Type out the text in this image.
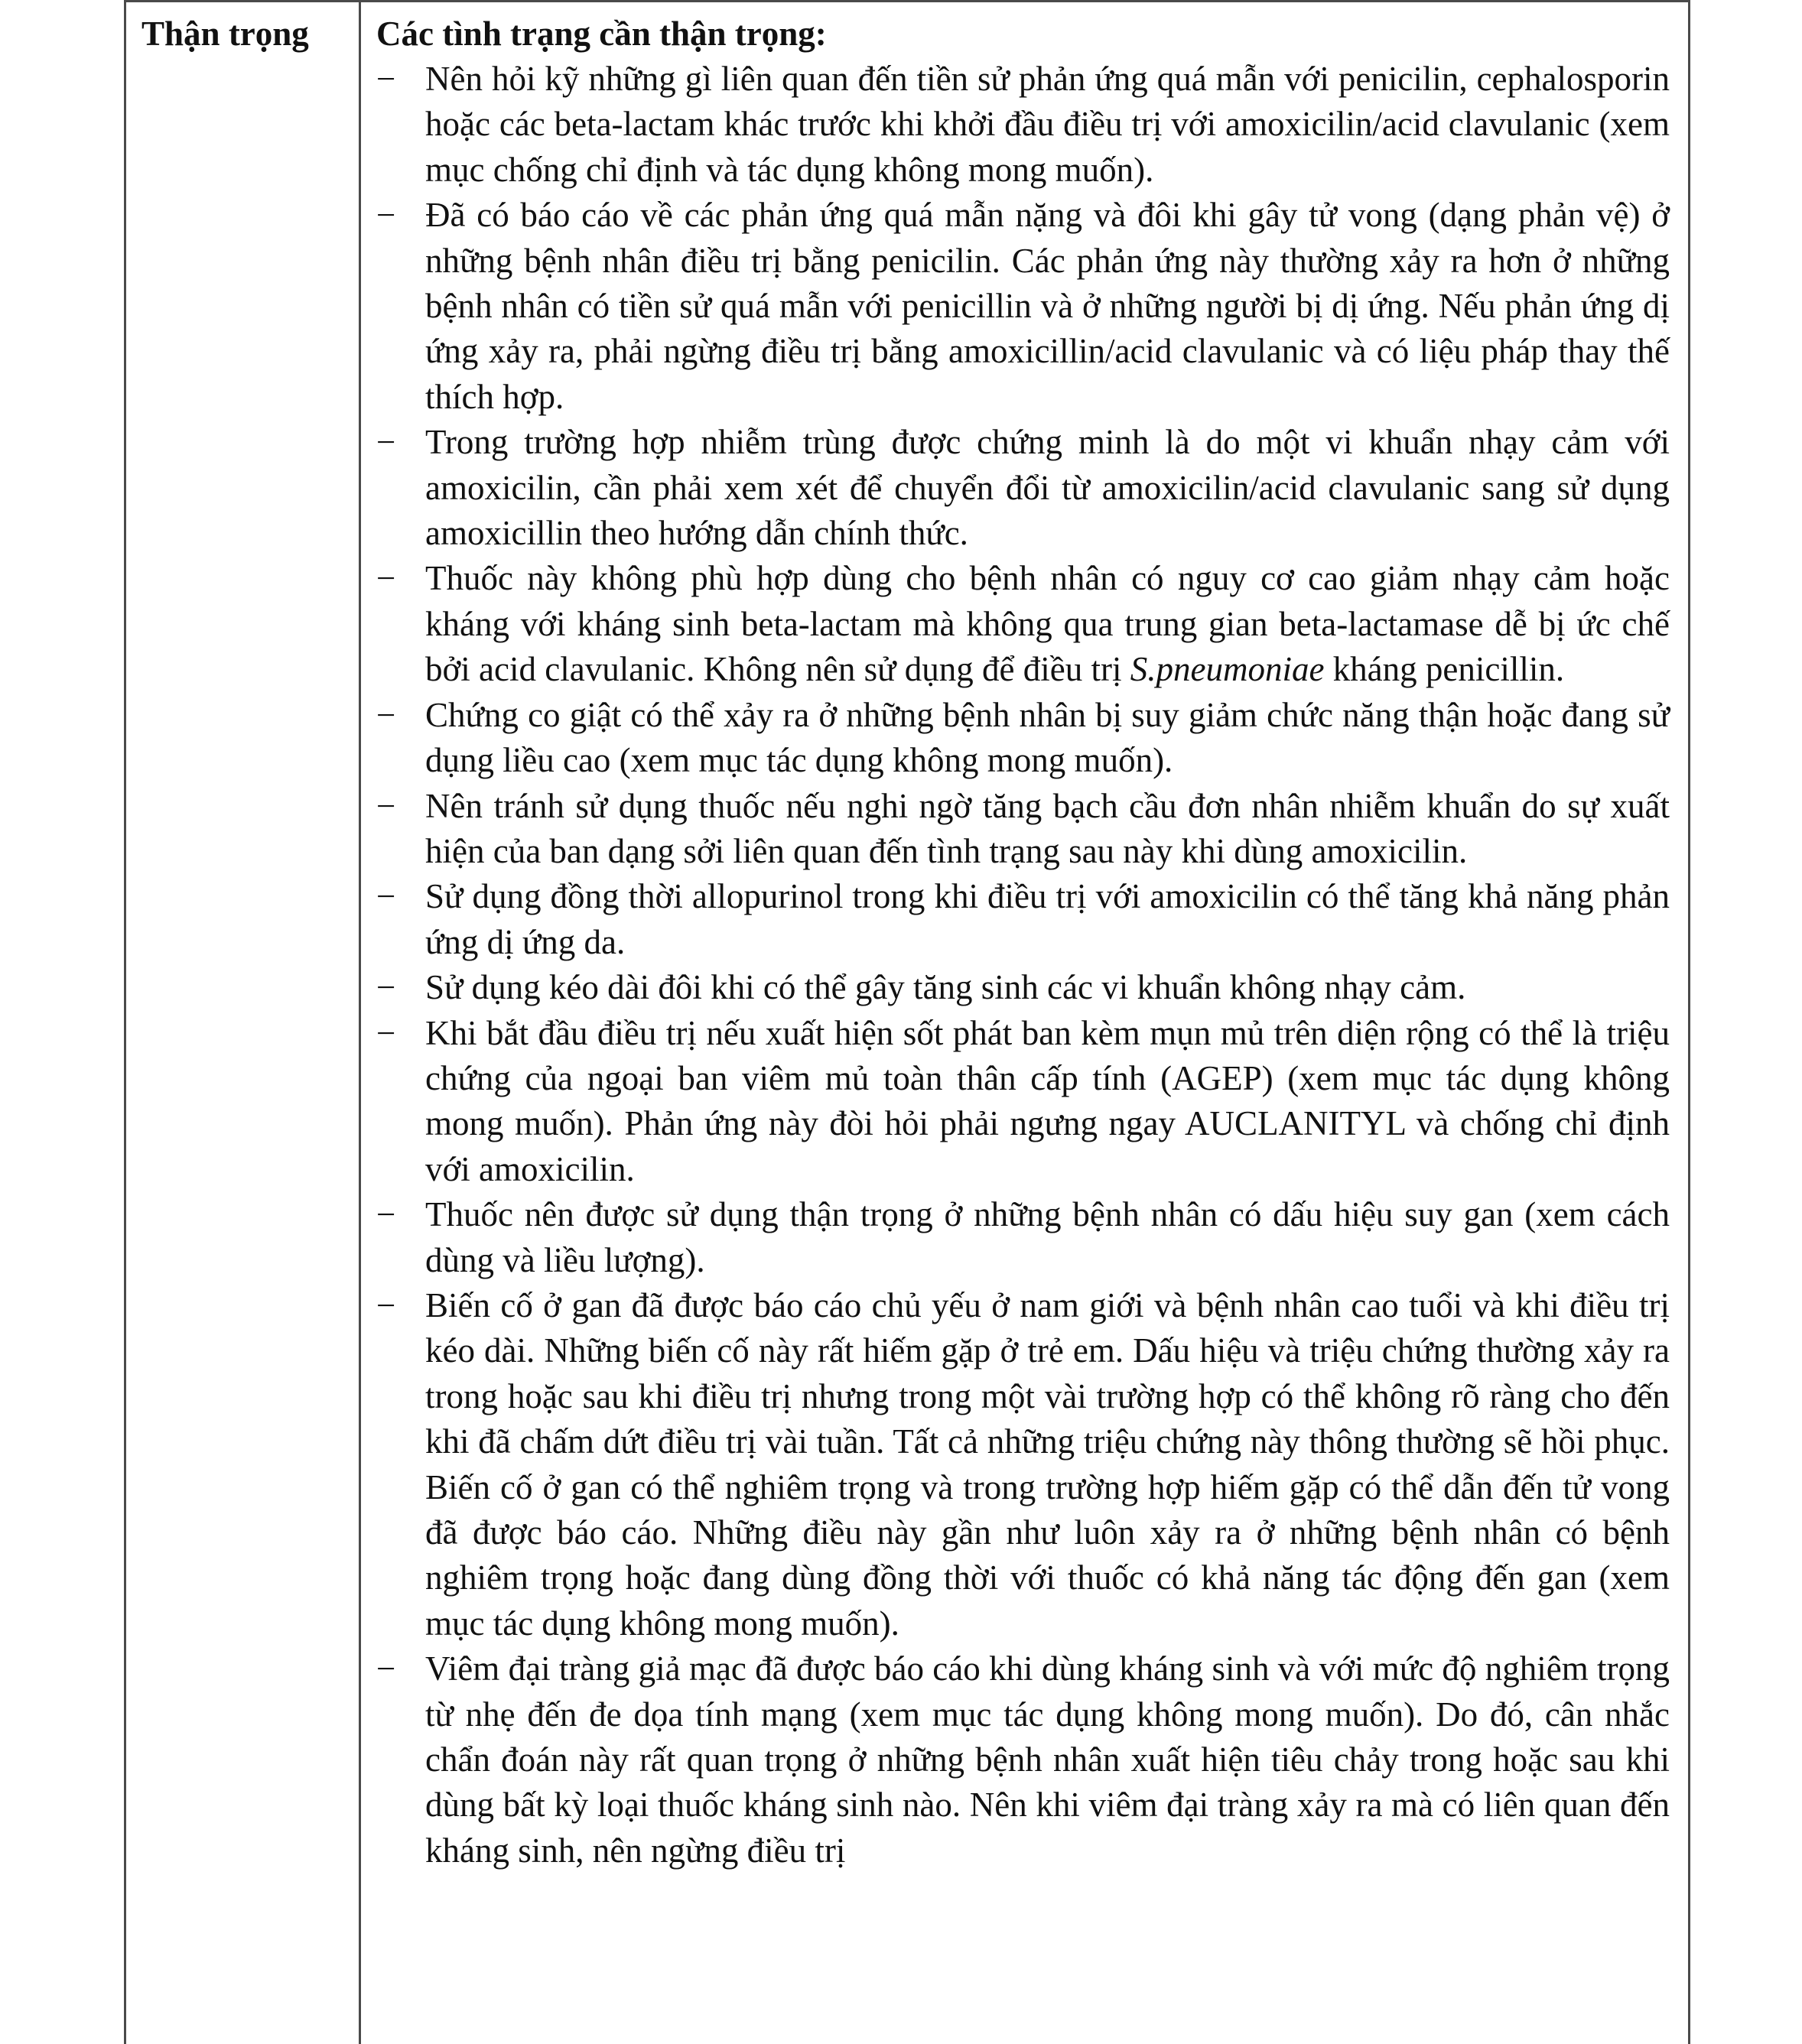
Thận trọng	Các tình trạng cần thận trọng:

− Nên hỏi kỹ những gì liên quan đến tiền sử phản ứng quá mẫn với penicilin, cephalosporin hoặc các beta-lactam khác trước khi khởi đầu điều trị với amoxicilin/acid clavulanic (xem mục chống chỉ định và tác dụng không mong muốn).
− Đã có báo cáo về các phản ứng quá mẫn nặng và đôi khi gây tử vong (dạng phản vệ) ở những bệnh nhân điều trị bằng penicilin. Các phản ứng này thường xảy ra hơn ở những bệnh nhân có tiền sử quá mẫn với penicillin và ở những người bị dị ứng. Nếu phản ứng dị ứng xảy ra, phải ngừng điều trị bằng amoxicillin/acid clavulanic và có liệu pháp thay thế thích hợp.
− Trong trường hợp nhiễm trùng được chứng minh là do một vi khuẩn nhạy cảm với amoxicilin, cần phải xem xét để chuyển đổi từ amoxicilin/acid clavulanic sang sử dụng amoxicillin theo hướng dẫn chính thức.
− Thuốc này không phù hợp dùng cho bệnh nhân có nguy cơ cao giảm nhạy cảm hoặc kháng với kháng sinh beta-lactam mà không qua trung gian beta-lactamase dễ bị ức chế bởi acid clavulanic. Không nên sử dụng để điều trị S.pneumoniae kháng penicillin.
− Chứng co giật có thể xảy ra ở những bệnh nhân bị suy giảm chức năng thận hoặc đang sử dụng liều cao (xem mục tác dụng không mong muốn).
− Nên tránh sử dụng thuốc nếu nghi ngờ tăng bạch cầu đơn nhân nhiễm khuẩn do sự xuất hiện của ban dạng sởi liên quan đến tình trạng sau này khi dùng amoxicilin.
− Sử dụng đồng thời allopurinol trong khi điều trị với amoxicilin có thể tăng khả năng phản ứng dị ứng da.
− Sử dụng kéo dài đôi khi có thể gây tăng sinh các vi khuẩn không nhạy cảm.
− Khi bắt đầu điều trị nếu xuất hiện sốt phát ban kèm mụn mủ trên diện rộng có thể là triệu chứng của ngoại ban viêm mủ toàn thân cấp tính (AGEP) (xem mục tác dụng không mong muốn). Phản ứng này đòi hỏi phải ngưng ngay AUCLANITYL và chống chỉ định với amoxicilin.
− Thuốc nên được sử dụng thận trọng ở những bệnh nhân có dấu hiệu suy gan (xem cách dùng và liều lượng).
− Biến cố ở gan đã được báo cáo chủ yếu ở nam giới và bệnh nhân cao tuổi và khi điều trị kéo dài. Những biến cố này rất hiếm gặp ở trẻ em. Dấu hiệu và triệu chứng thường xảy ra trong hoặc sau khi điều trị nhưng trong một vài trường hợp có thể không rõ ràng cho đến khi đã chấm dứt điều trị vài tuần. Tất cả những triệu chứng này thông thường sẽ hồi phục. Biến cố ở gan có thể nghiêm trọng và trong trường hợp hiếm gặp có thể dẫn đến tử vong đã được báo cáo. Những điều này gần như luôn xảy ra ở những bệnh nhân có bệnh nghiêm trọng hoặc đang dùng đồng thời với thuốc có khả năng tác động đến gan (xem mục tác dụng không mong muốn).
− Viêm đại tràng giả mạc đã được báo cáo khi dùng kháng sinh và với mức độ nghiêm trọng từ nhẹ đến đe dọa tính mạng (xem mục tác dụng không mong muốn). Do đó, cân nhắc chẩn đoán này rất quan trọng ở những bệnh nhân xuất hiện tiêu chảy trong hoặc sau khi dùng bất kỳ loại thuốc kháng sinh nào. Nên khi viêm đại tràng xảy ra mà có liên quan đến kháng sinh, nên ngừng điều trị
